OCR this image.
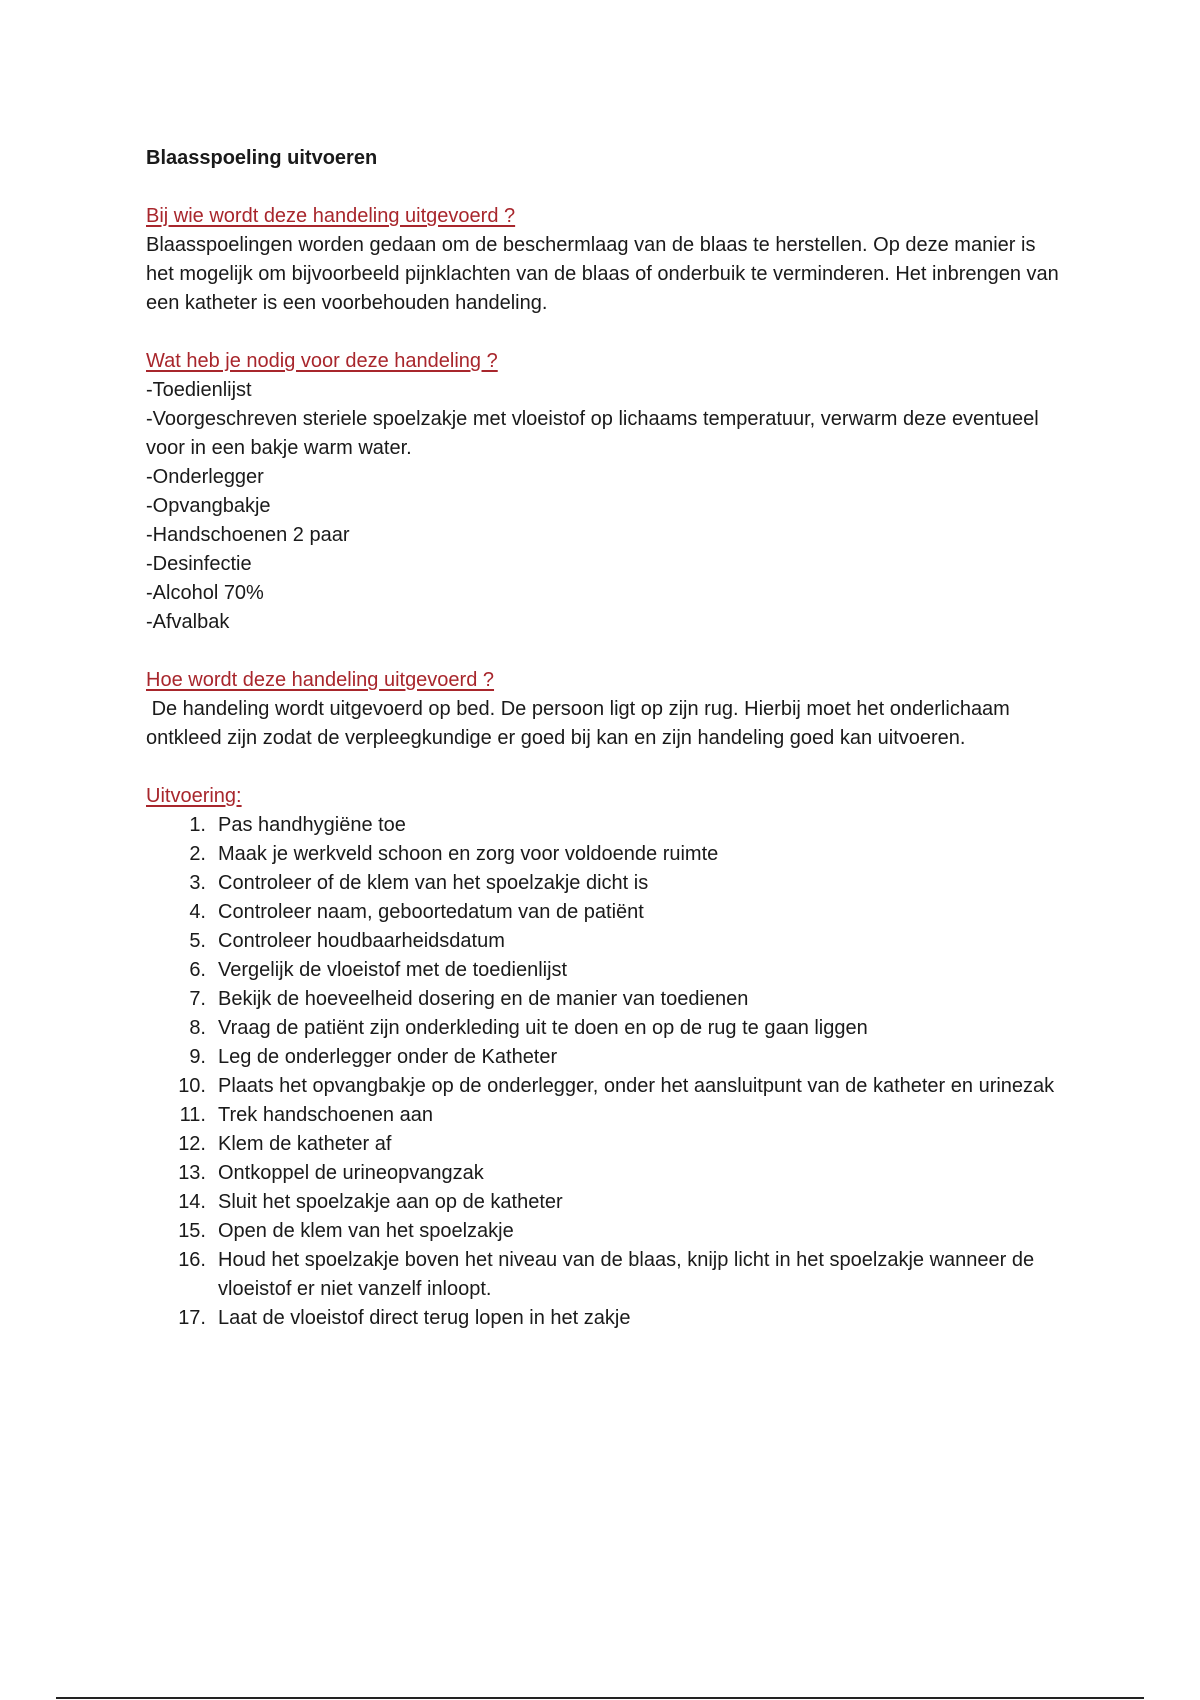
Blaasspoeling uitvoeren

Bij wie wordt deze handeling uitgevoerd ?

Blaasspoelingen worden gedaan om de beschermlaag van de blaas te herstellen. Op deze manier is het mogelijk om bijvoorbeeld pijnklachten van de blaas of onderbuik te verminderen. Het inbrengen van een katheter is een voorbehouden handeling.

Wat heb je nodig voor deze handeling ?

-Toedienlijst
-Voorgeschreven steriele spoelzakje met vloeistof op lichaams temperatuur, verwarm deze eventueel voor in een bakje warm water.
-Onderlegger
-Opvangbakje
-Handschoenen 2 paar
-Desinfectie
-Alcohol 70%
-Afvalbak

Hoe wordt deze handeling uitgevoerd ?

De handeling wordt uitgevoerd op bed. De persoon ligt op zijn rug. Hierbij moet het onderlichaam ontkleed zijn zodat de verpleegkundige er goed bij kan en zijn handeling goed kan uitvoeren.

Uitvoering:

1. Pas handhygiëne toe
2. Maak je werkveld schoon en zorg voor voldoende ruimte
3. Controleer of de klem van het spoelzakje dicht is
4. Controleer naam, geboortedatum van de patiënt
5. Controleer houdbaarheidsdatum
6. Vergelijk de vloeistof met de toedienlijst
7. Bekijk de hoeveelheid dosering en de manier van toedienen
8. Vraag de patiënt zijn onderkleding uit te doen en op de rug te gaan liggen
9. Leg de onderlegger onder de Katheter
10. Plaats het opvangbakje op de onderlegger, onder het aansluitpunt van de katheter en urinezak
11. Trek handschoenen aan
12. Klem de katheter af
13. Ontkoppel de urineopvangzak
14. Sluit het spoelzakje aan op de katheter
15. Open de klem van het spoelzakje
16. Houd het spoelzakje boven het niveau van de blaas, knijp licht in het spoelzakje wanneer de vloeistof er niet vanzelf inloopt.
17. Laat de vloeistof direct terug lopen in het zakje
